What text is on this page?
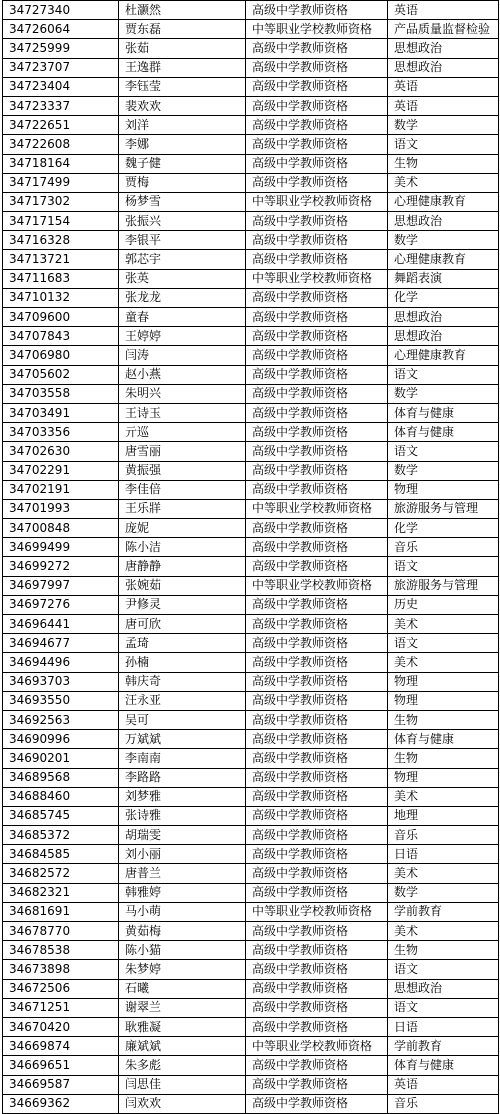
34727340	杜灏然	高级中学教师资格	英语
34726064	贾东磊	中等职业学校教师资格	产品质量监督检验
34725999	张茹	高级中学教师资格	思想政治
34723707	王逸群	高级中学教师资格	思想政治
34723404	李钰莹	高级中学教师资格	英语
34723337	裴欢欢	高级中学教师资格	英语
34722651	刘洋	高级中学教师资格	数学
34722608	李娜	高级中学教师资格	语文
34718164	魏子健	高级中学教师资格	生物
34717499	贾梅	高级中学教师资格	美术
34717302	杨梦雪	中等职业学校教师资格	心理健康教育
34717154	张振兴	高级中学教师资格	思想政治
34716328	李银平	高级中学教师资格	数学
34713721	郭芯宇	高级中学教师资格	心理健康教育
34711683	张英	中等职业学校教师资格	舞蹈表演
34710132	张龙龙	高级中学教师资格	化学
34709600	童春	高级中学教师资格	思想政治
34707843	王婷婷	高级中学教师资格	思想政治
34706980	闫涛	高级中学教师资格	心理健康教育
34705602	赵小燕	高级中学教师资格	语文
34703558	朱明兴	高级中学教师资格	数学
34703491	王诗玉	高级中学教师资格	体育与健康
34703356	亓巡	高级中学教师资格	体育与健康
34702630	唐雪丽	高级中学教师资格	语文
34702291	黄振强	高级中学教师资格	数学
34702191	李佳倍	高级中学教师资格	物理
34701993	王乐牂	中等职业学校教师资格	旅游服务与管理
34700848	庞妮	高级中学教师资格	化学
34699499	陈小洁	高级中学教师资格	音乐
34699272	唐静静	高级中学教师资格	语文
34697997	张婉茹	中等职业学校教师资格	旅游服务与管理
34697276	尹修灵	高级中学教师资格	历史
34696441	唐可欣	高级中学教师资格	美术
34694677	孟琦	高级中学教师资格	语文
34694496	孙楠	高级中学教师资格	美术
34693703	韩庆奇	高级中学教师资格	物理
34693550	汪永亚	高级中学教师资格	物理
34692563	吴可	高级中学教师资格	生物
34690996	万斌斌	高级中学教师资格	体育与健康
34690201	李南南	高级中学教师资格	生物
34689568	李路路	高级中学教师资格	物理
34688460	刘梦雅	高级中学教师资格	美术
34685745	张诗雅	高级中学教师资格	地理
34685372	胡瑞雯	高级中学教师资格	音乐
34684585	刘小丽	高级中学教师资格	日语
34682572	唐普兰	高级中学教师资格	美术
34682321	韩雅婷	高级中学教师资格	数学
34681691	马小萌	中等职业学校教师资格	学前教育
34678770	黄茹梅	高级中学教师资格	美术
34678538	陈小猫	高级中学教师资格	生物
34673898	朱梦婷	高级中学教师资格	语文
34672506	石曦	高级中学教师资格	思想政治
34671251	谢翠兰	高级中学教师资格	语文
34670420	耿雅凝	高级中学教师资格	日语
34669874	廉斌斌	中等职业学校教师资格	学前教育
34669651	朱多彪	高级中学教师资格	体育与健康
34669587	闫思佳	高级中学教师资格	英语
34669362	闫欢欢	高级中学教师资格	音乐
